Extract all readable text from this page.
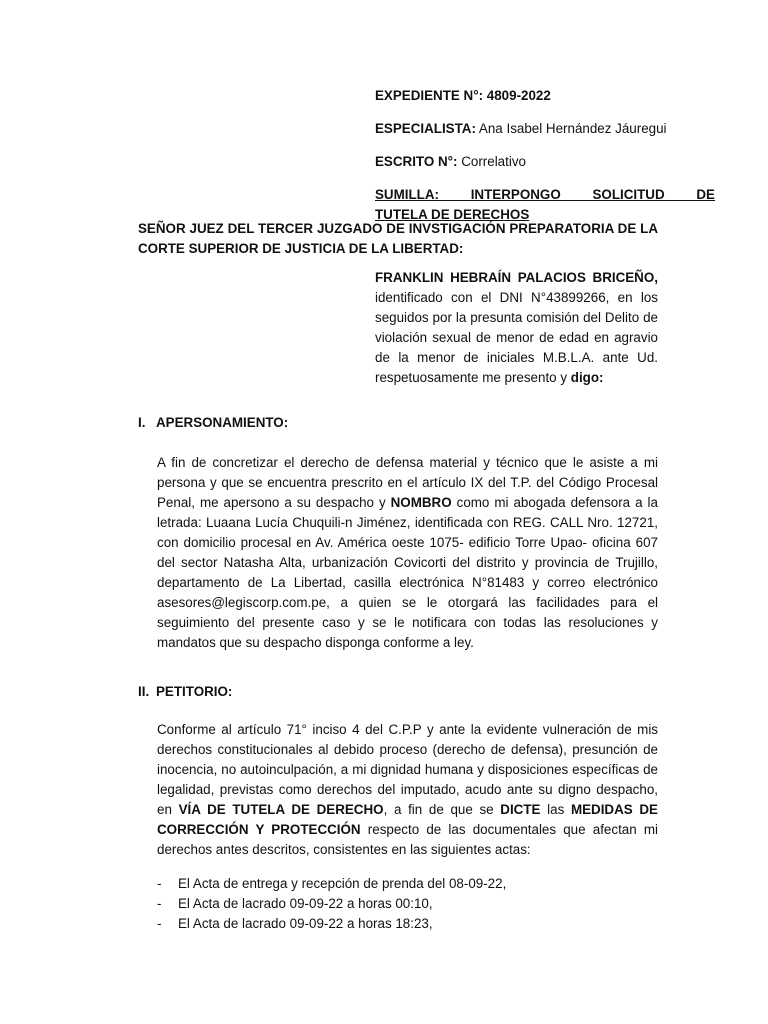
EXPEDIENTE N°: 4809-2022
ESPECIALISTA: Ana Isabel Hernández Jáuregui
ESCRITO N°: Correlativo
SUMILLA: INTERPONGO SOLICITUD DE
TUTELA DE DERECHOS
SEÑOR JUEZ DEL TERCER JUZGADO DE INVSTIGACIÓN PREPARATORIA DE LA CORTE SUPERIOR DE JUSTICIA DE LA LIBERTAD:
FRANKLIN HEBRAÍN PALACIOS BRICEÑO, identificado con el DNI N°43899266, en los seguidos por la presunta comisión del Delito de violación sexual de menor de edad en agravio de la menor de iniciales M.B.L.A. ante Ud. respetuosamente me presento y digo:
I. APERSONAMIENTO:
A fin de concretizar el derecho de defensa material y técnico que le asiste a mi persona y que se encuentra prescrito en el artículo IX del T.P. del Código Procesal Penal, me apersono a su despacho y NOMBRO como mi abogada defensora a la letrada: Luaana Lucía Chuquili-n Jiménez, identificada con REG. CALL Nro. 12721, con domicilio procesal en Av. América oeste 1075- edificio Torre Upao- oficina 607 del sector Natasha Alta, urbanización Covicorti del distrito y provincia de Trujillo, departamento de La Libertad, casilla electrónica N°81483 y correo electrónico asesores@legiscorp.com.pe, a quien se le otorgará las facilidades para el seguimiento del presente caso y se le notificara con todas las resoluciones y mandatos que su despacho disponga conforme a ley.
II. PETITORIO:
Conforme al artículo 71° inciso 4 del C.P.P y ante la evidente vulneración de mis derechos constitucionales al debido proceso (derecho de defensa), presunción de inocencia, no autoinculpación, a mi dignidad humana y disposiciones específicas de legalidad, previstas como derechos del imputado, acudo ante su digno despacho, en VÍA DE TUTELA DE DERECHO, a fin de que se DICTE las MEDIDAS DE CORRECCIÓN Y PROTECCIÓN respecto de las documentales que afectan mi derechos antes descritos, consistentes en las siguientes actas:
-	El Acta de entrega y recepción de prenda del 08-09-22,
-	El Acta de lacrado 09-09-22 a horas 00:10,
-	El Acta de lacrado 09-09-22 a horas 18:23,
